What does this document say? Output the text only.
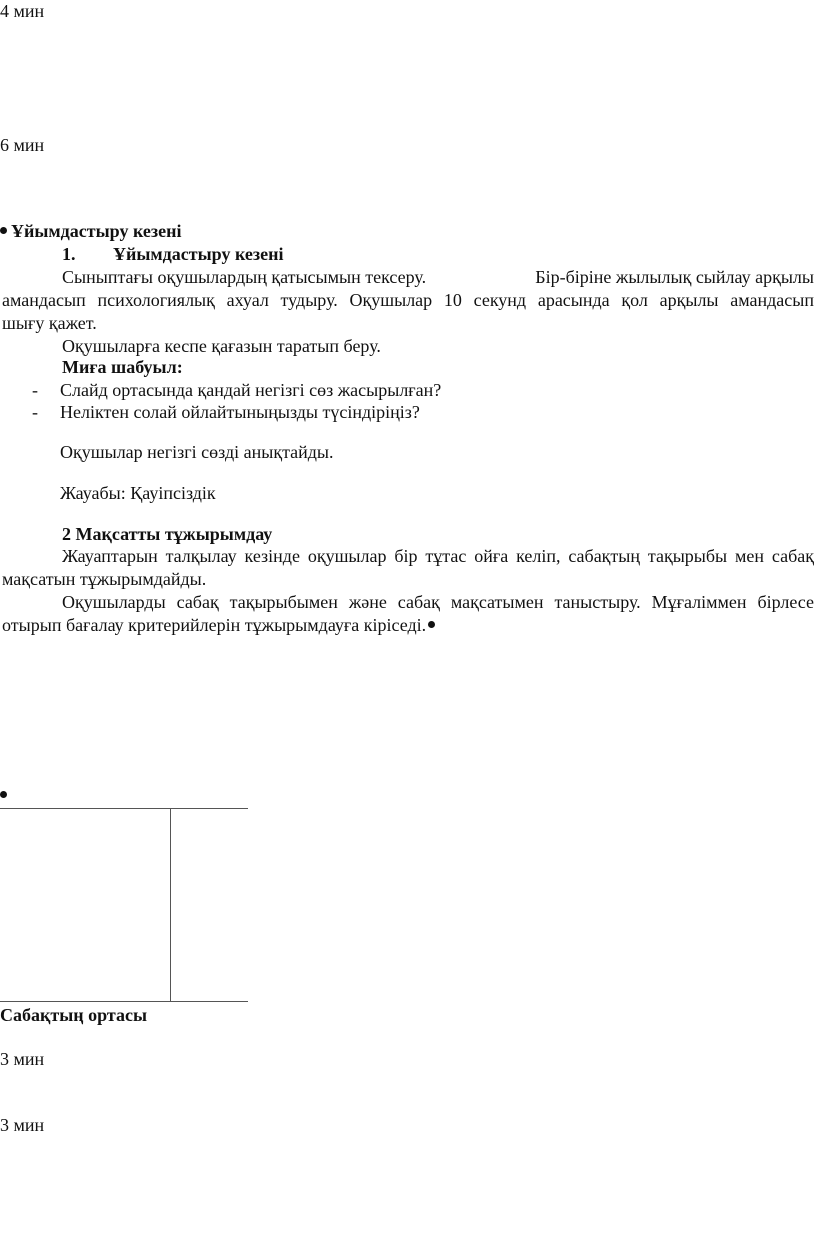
4 мин
6 мин
Ұйымдастыру кезені
1. Ұйымдастыру кезені
Сыныптағы оқушылардың қатысымын тексеру.	Бір-біріне жылылық сыйлау арқылы
амандасып психологиялық ахуал тудыру. Оқушылар 10 секунд арасында қол арқылы амандасып
шығу қажет.
Оқушыларға кеспе қағазын таратып беру.
Миға шабуыл:
- Слайд ортасында қандай негізгі сөз жасырылған?
- Неліктен солай ойлайтыныңызды түсіндіріңіз?
Оқушылар негізгі сөзді анықтайды.
Жауабы: Қауіпсіздік
2 Мақсатты тұжырымдау
Жауаптарын талқылау кезінде оқушылар бір тұтас ойға келіп, сабақтың тақырыбы мен сабақ
мақсатын тұжырымдайды.
Оқушыларды сабақ тақырыбымен және сабақ мақсатымен таныстыру. Мұғаліммен бірлесе
отырып бағалау критерийлерін тұжырымдауға кіріседі.
Сабақтың ортасы
3 мин
3 мин
